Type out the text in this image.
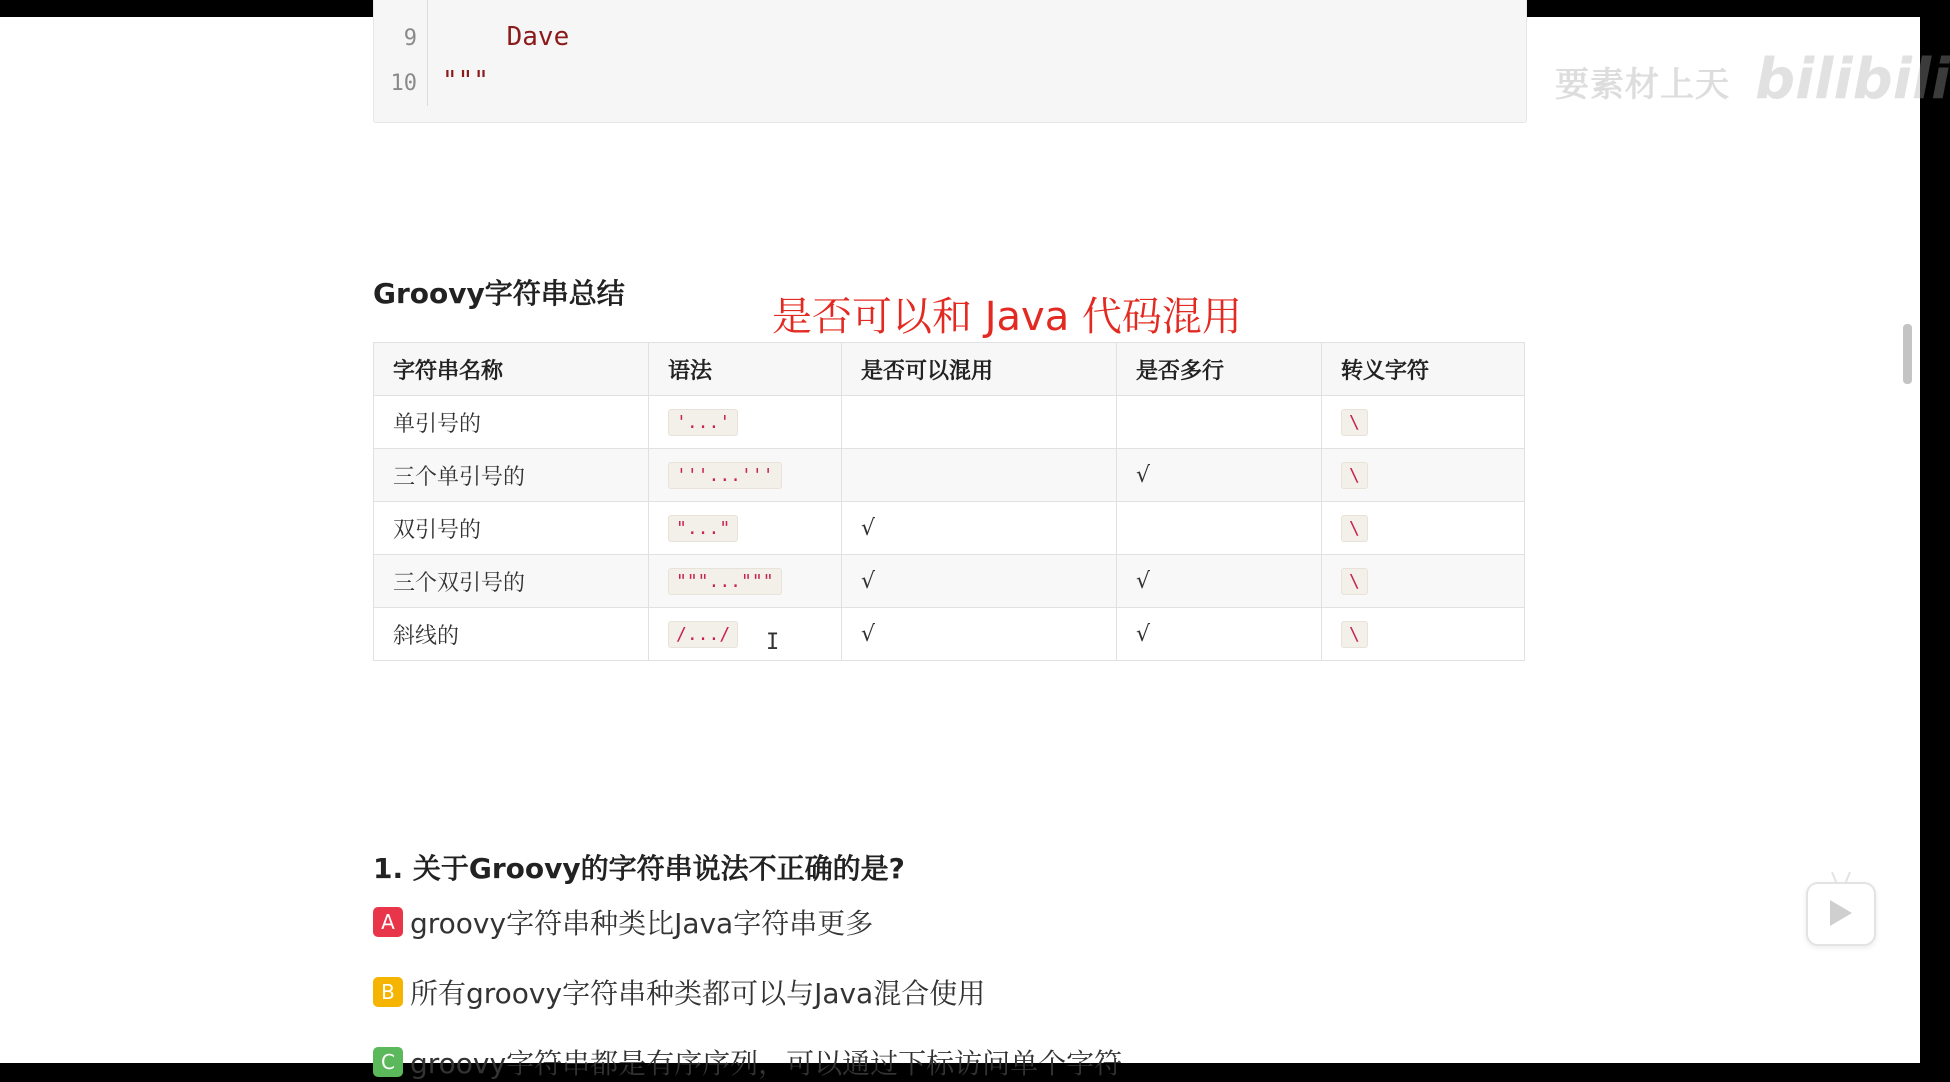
9
10
Dave
"""	要素材上天 bilibili
Groovy字符串总结
是否可以和 Java 代码混用
字符串名称	语法	是否可以混用	是否多行	转义字符
单引号的	'...'			\
三个单引号的	'''...'''		√	\
双引号的	"..."	√		\
三个双引号的	"""..."""	√	√	\
斜线的	/.../	√	√	\
I
1. 关于Groovy的字符串说法不正确的是?
A groovy字符串种类比Java字符串更多
B 所有groovy字符串种类都可以与Java混合使用
C groovy字符串都是有序序列，可以通过下标访问单个字符
